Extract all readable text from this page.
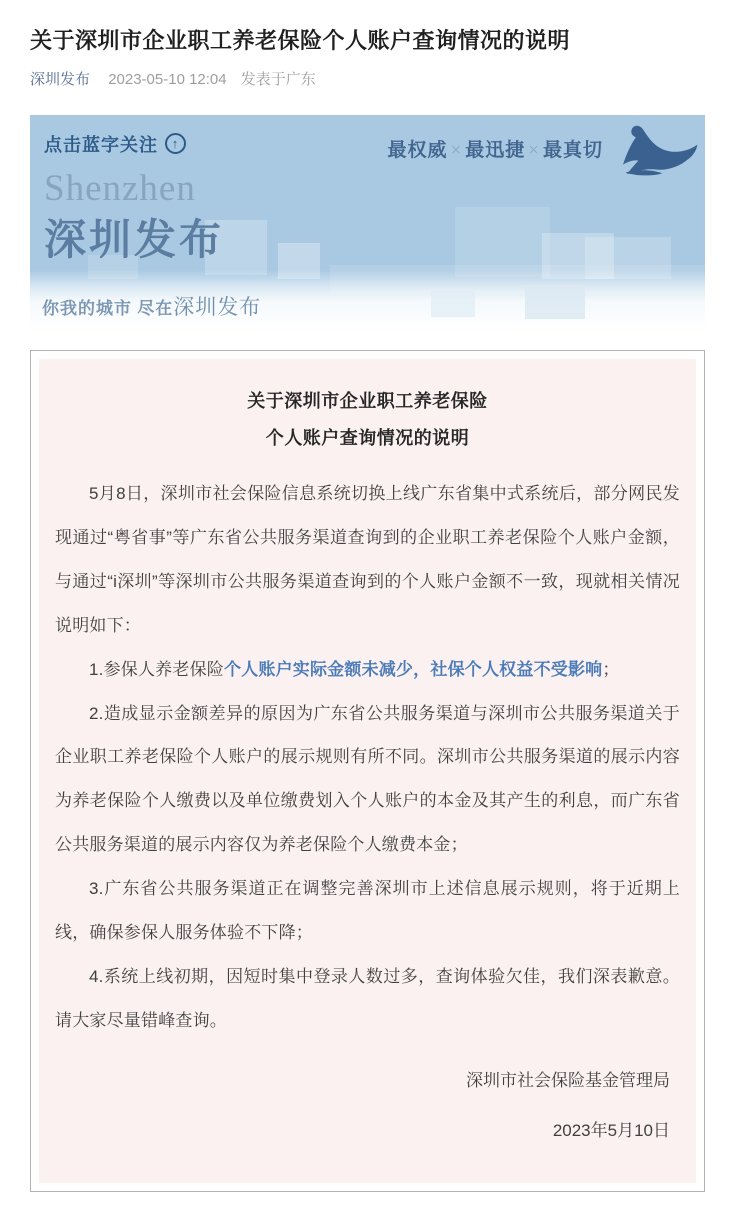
关于深圳市企业职工养老保险个人账户查询情况的说明
深圳发布 2023-05-10 12:04 发表于广东
点击蓝字关注	↑	最权威 × 最迅捷 × 最真切
Shenzhen
深圳发布
你我的城市 尽在深圳发布
关于深圳市企业职工养老保险
个人账户查询情况的说明

5月8日，深圳市社会保险信息系统切换上线广东省集中式系统后，部分网民发现通过“粤省事”等广东省公共服务渠道查询到的企业职工养老保险个人账户金额，与通过“i深圳”等深圳市公共服务渠道查询到的个人账户金额不一致，现就相关情况说明如下：

1.参保人养老保险个人账户实际金额未减少，社保个人权益不受影响；

2.造成显示金额差异的原因为广东省公共服务渠道与深圳市公共服务渠道关于企业职工养老保险个人账户的展示规则有所不同。深圳市公共服务渠道的展示内容为养老保险个人缴费以及单位缴费划入个人账户的本金及其产生的利息，而广东省公共服务渠道的展示内容仅为养老保险个人缴费本金；

3.广东省公共服务渠道正在调整完善深圳市上述信息展示规则，将于近期上线，确保参保人服务体验不下降；

4.系统上线初期，因短时集中登录人数过多，查询体验欠佳，我们深表歉意。请大家尽量错峰查询。

深圳市社会保险基金管理局
2023年5月10日
